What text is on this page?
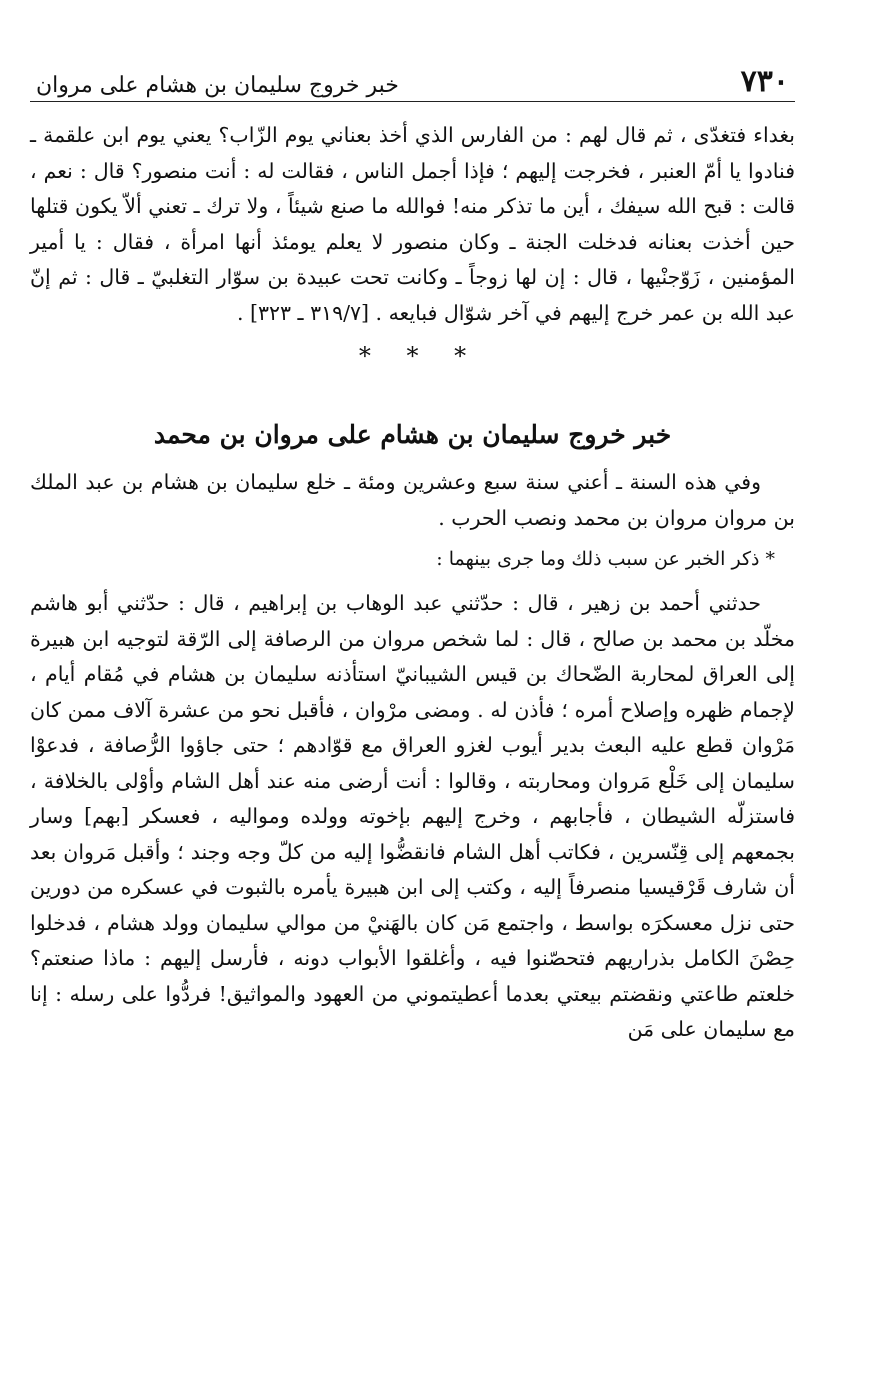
٧٣٠
خبر خروج سليمان بن هشام على مروان

بغداء فتغدّى ، ثم قال لهم : من الفارس الذي أخذ بعناني يوم الزّاب؟ يعني يوم ابن علقمة ـ فنادوا يا أمّ العنبر ، فخرجت إليهم ؛ فإذا أجمل الناس ، فقالت له : أنت منصور؟ قال : نعم ، قالت : قبح الله سيفك ، أين ما تذكر منه! فوالله ما صنع شيئاً ، ولا ترك ـ تعني ألاّ يكون قتلها حين أخذت بعنانه فدخلت الجنة ـ وكان منصور لا يعلم يومئذ أنها امرأة ، فقال : يا أمير المؤمنين ، زَوّجنْيها ، قال : إن لها زوجاً ـ وكانت تحت عبيدة بن سوّار التغلبيّ ـ قال : ثم إنّ عبد الله بن عمر خرج إليهم في آخر شوّال فبايعه . [٣١٩/٧ ـ ٣٢٣] .

* * *
خبر خروج سليمان بن هشام على مروان بن محمد

وفي هذه السنة ـ أعني سنة سبع وعشرين ومئة ـ خلع سليمان بن هشام بن عبد الملك بن مروان مروان بن محمد ونصب الحرب .

* ذكر الخبر عن سبب ذلك وما جرى بينهما :

حدثني أحمد بن زهير ، قال : حدّثني عبد الوهاب بن إبراهيم ، قال : حدّثني أبو هاشم مخلّد بن محمد بن صالح ، قال : لما شخص مروان من الرصافة إلى الرّقة لتوجيه ابن هبيرة إلى العراق لمحاربة الضّحاك بن قيس الشيبانيّ استأذنه سليمان بن هشام في مُقام أيام ، لإجمام ظهره وإصلاح أمره ؛ فأذن له . ومضى مرْوان ، فأقبل نحو من عشرة آلاف ممن كان مَرْوان قطع عليه البعث بدير أيوب لغزو العراق مع قوّادهم ؛ حتى جاؤوا الرُّصافة ، فدعوْا سليمان إلى خَلْع مَروان ومحاربته ، وقالوا : أنت أرضى منه عند أهل الشام وأوْلى بالخلافة ، فاستزلّه الشيطان ، فأجابهم ، وخرج إليهم بإخوته وولده ومواليه ، فعسكر [بهم] وسار بجمعهم إلى قِنّسرين ، فكاتب أهل الشام فانقضُّوا إليه من كلّ وجه وجند ؛ وأقبل مَروان بعد أن شارف قَرْقيسيا منصرفاً إليه ، وكتب إلى ابن هبيرة يأمره بالثبوت في عسكره من دورين حتى نزل معسكرَه بواسط ، واجتمع مَن كان بالهَنيْ من موالي سليمان وولد هشام ، فدخلوا حِصْنَ الكامل بذراريهم فتحصّنوا فيه ، وأغلقوا الأبواب دونه ، فأرسل إليهم : ماذا صنعتم؟ خلعتم طاعتي ونقضتم بيعتي بعدما أعطيتموني من العهود والمواثيق! فردُّوا على رسله : إنا مع سليمان على مَن
